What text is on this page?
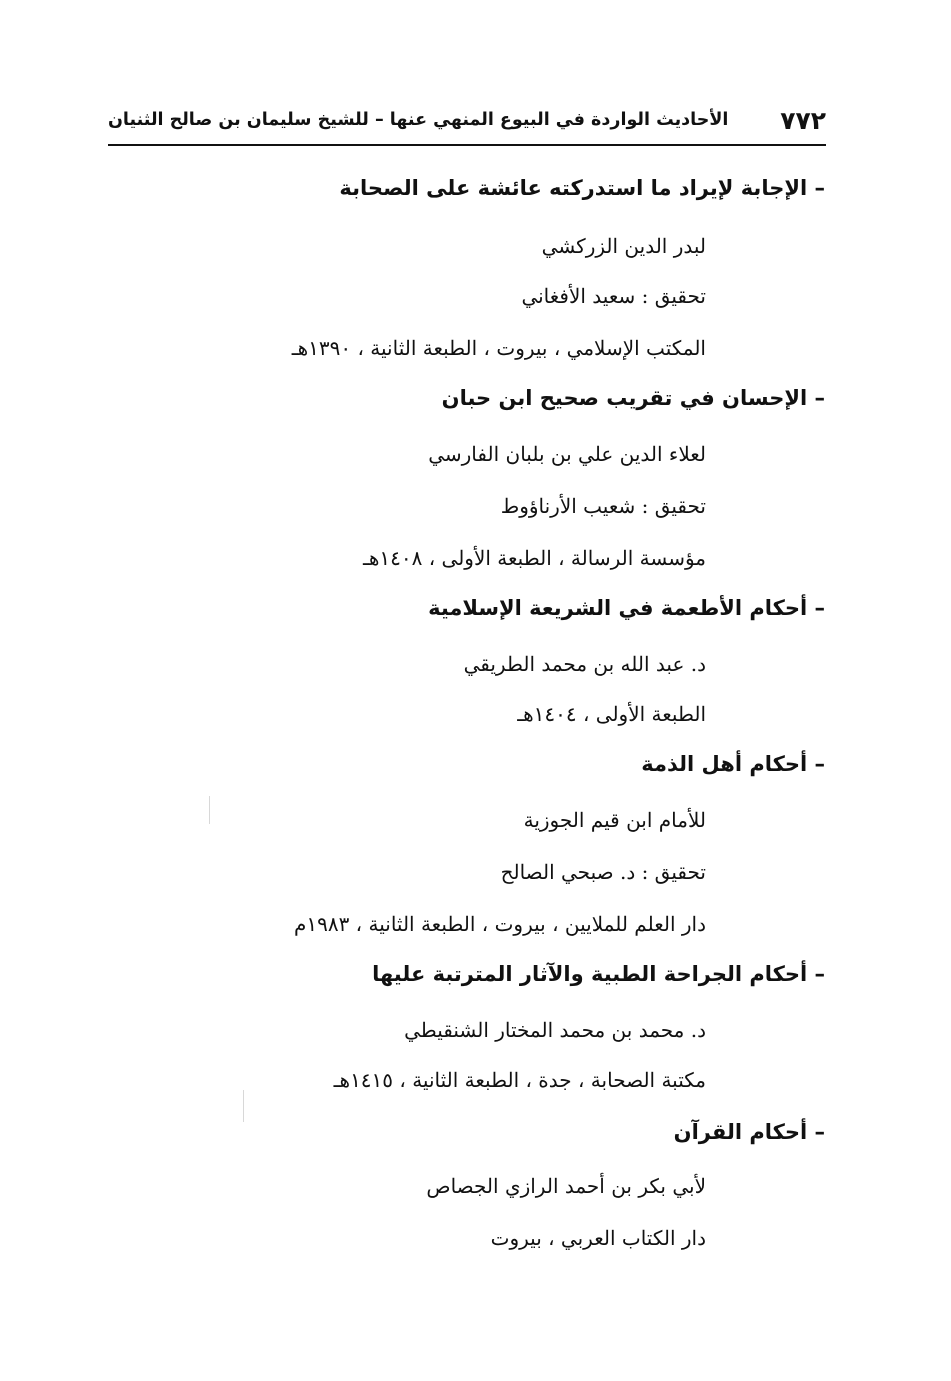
٧٧٢
الأحاديث الواردة في البيوع المنهي عنها – للشيخ سليمان بن صالح الثنيان
– الإجابة لإيراد ما استدركته عائشة على الصحابة
لبدر الدين الزركشي
تحقيق : سعيد الأفغاني
المكتب الإسلامي ، بيروت ، الطبعة الثانية ، ١٣٩٠هـ
– الإحسان في تقريب صحيح ابن حبان
لعلاء الدين علي بن بلبان الفارسي
تحقيق : شعيب الأرناؤوط
مؤسسة الرسالة ، الطبعة الأولى ، ١٤٠٨هـ
– أحكام الأطعمة في الشريعة الإسلامية
د. عبد الله بن محمد الطريقي
الطبعة الأولى ، ١٤٠٤هـ
– أحكام أهل الذمة
للأمام ابن قيم الجوزية
تحقيق : د. صبحي الصالح
دار العلم للملايين ، بيروت ، الطبعة الثانية ، ١٩٨٣م
– أحكام الجراحة الطبية والآثار المترتبة عليها
د. محمد بن محمد المختار الشنقيطي
مكتبة الصحابة ، جدة ، الطبعة الثانية ، ١٤١٥هـ
– أحكام القرآن
لأبي بكر بن أحمد الرازي الجصاص
دار الكتاب العربي ، بيروت
